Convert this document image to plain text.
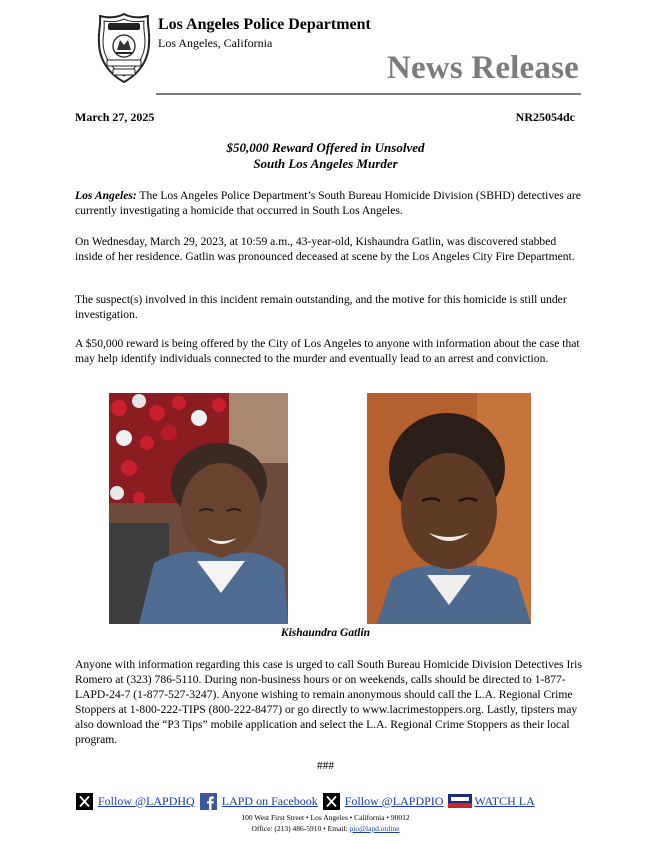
Los Angeles Police Department
Los Angeles, California
News Release
March 27, 2025	NR25054dc
$50,000 Reward Offered in Unsolved
South Los Angeles Murder
Los Angeles: The Los Angeles Police Department’s South Bureau Homicide Division (SBHD) detectives are currently investigating a homicide that occurred in South Los Angeles.
On Wednesday, March 29, 2023, at 10:59 a.m., 43-year-old, Kishaundra Gatlin, was discovered stabbed inside of her residence. Gatlin was pronounced deceased at scene by the Los Angeles City Fire Department.
The suspect(s) involved in this incident remain outstanding, and the motive for this homicide is still under investigation.
A $50,000 reward is being offered by the City of Los Angeles to anyone with information about the case that may help identify individuals connected to the murder and eventually lead to an arrest and conviction.
Kishaundra Gatlin
Anyone with information regarding this case is urged to call South Bureau Homicide Division Detectives Iris Romero at (323) 786-5110. During non-business hours or on weekends, calls should be directed to 1-877-LAPD-24-7 (1-877-527-3247). Anyone wishing to remain anonymous should call the L.A. Regional Crime Stoppers at 1-800-222-TIPS (800-222-8477) or go directly to www.lacrimestoppers.org. Lastly, tipsters may also download the “P3 Tips” mobile application and select the L.A. Regional Crime Stoppers as their local program.
###
Follow @LAPDHQ LAPD on Facebook Follow @LAPDPIO	WATCH LA
100 West First Street • Los Angeles • California • 90012
Office: (213) 486-5910 • Email: pio@lapd.online
